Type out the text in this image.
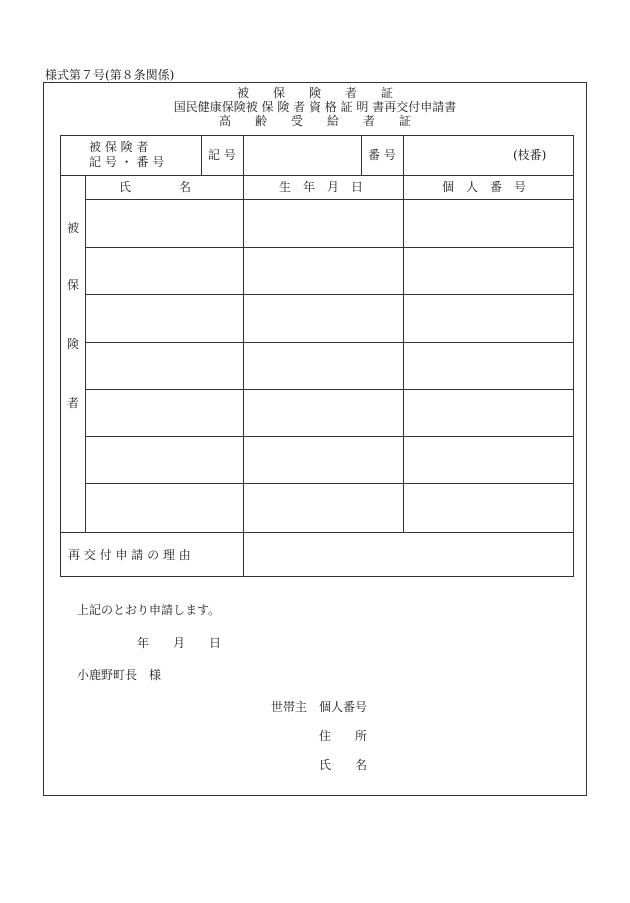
様式第７号(第８条関係)
被　　保　　険　　者　　証
国民健康保険被 保 険 者 資 格 証 明 書再交付申請書
高　　齢　　受　　給　　者　　証
被 保 険 者
記 号 ・ 番 号	記 号	番 号	(枝番)
氏　　　　名	生　年　月　日	個　人　番　号
被
保
険
者
再 交 付 申 請 の 理 由
上記のとおり申請します。
年　　月　　日
小鹿野町長　様
世帯主　個人番号
住　　所
氏　　名
